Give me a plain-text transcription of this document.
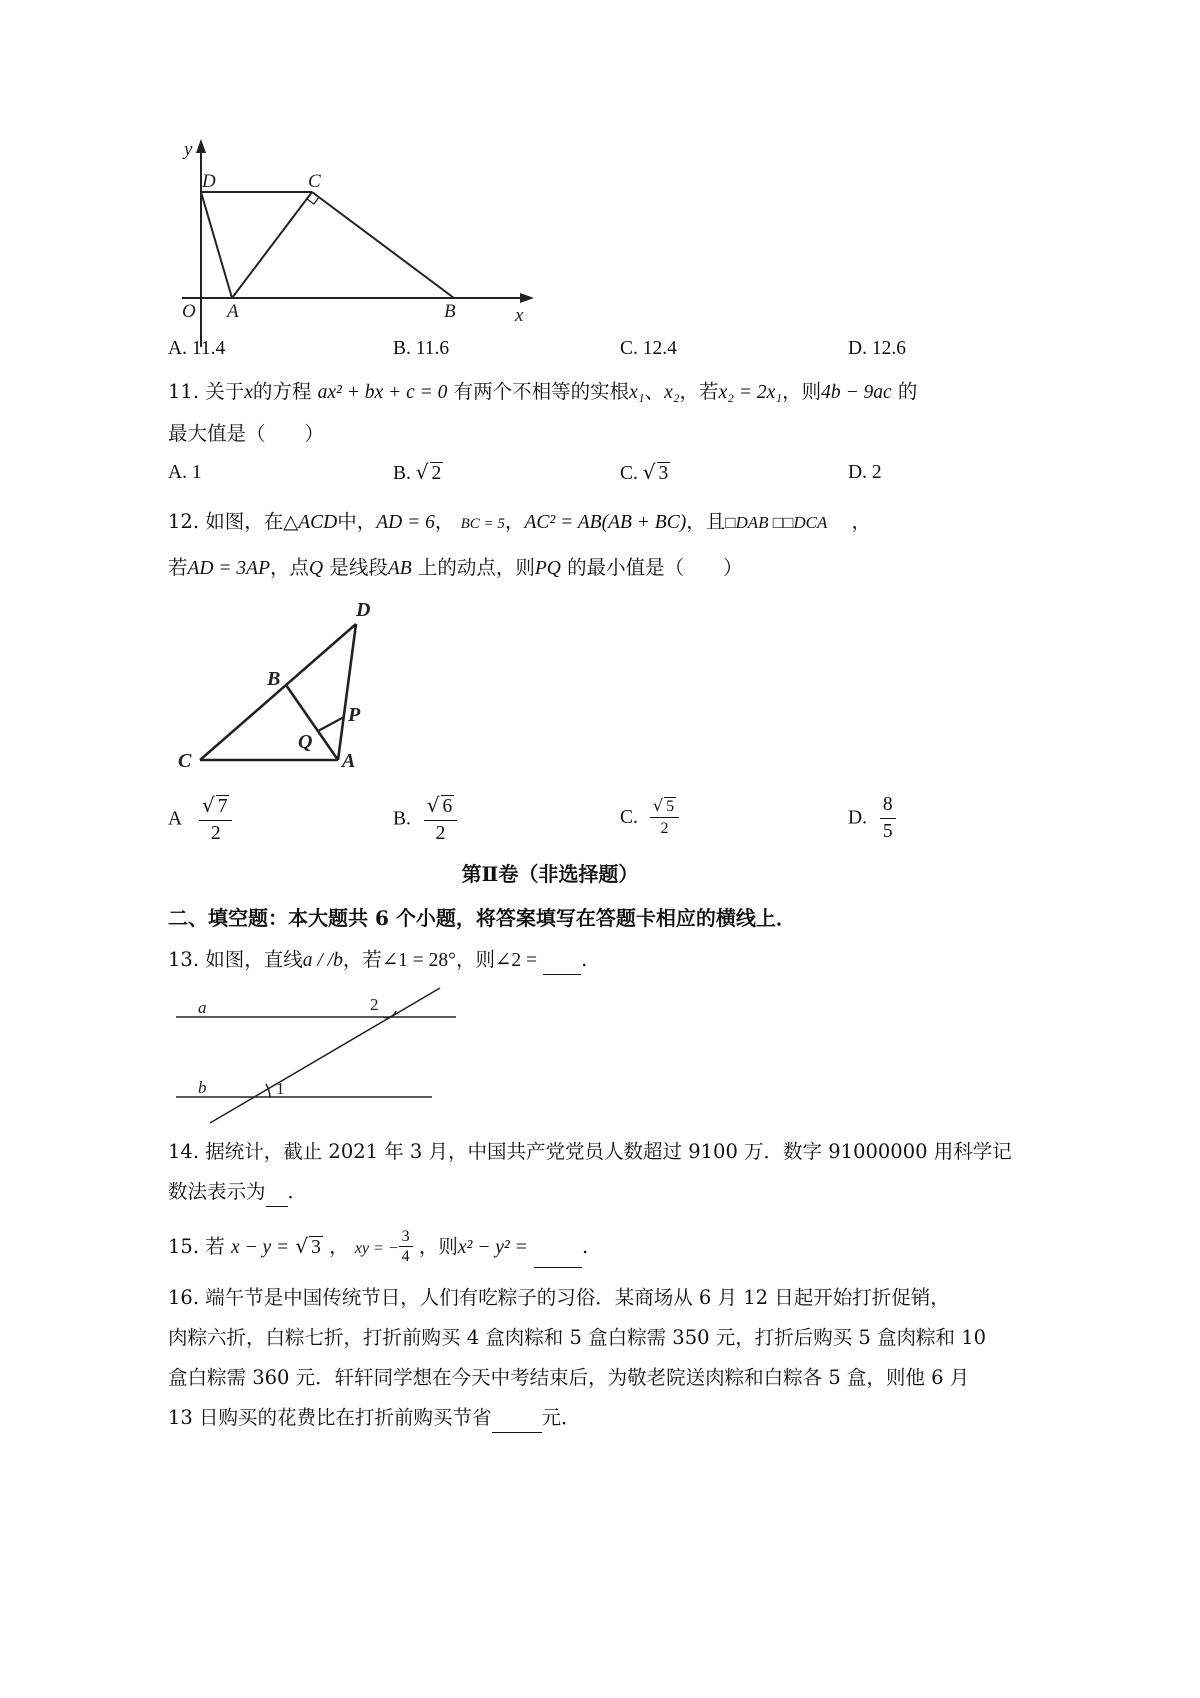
y
x
O A	B
C
D
A. 11.4	B. 11.6	C. 12.4	D. 12.6
11. 关于x的方程 ax² + bx + c = 0 有两个不相等的实根x₁、x₂，若x₂ = 2x₁，则4b − 9ac 的
最大值是（　　）
A. 1	B. √ 2	C. √ 3	D. 2
12. 如图，在△ACD中，AD = 6， BC = 5，AC² = AB(AB + BC)，且□DAB □□DCA ，
若AD = 3AP，点Q 是线段AB 上的动点，则PQ 的最小值是（　　）
D
B
P
Q
C	A
A $\frac{√ 7}{2}$	B. $\frac{√ 6}{2}$	C. $\frac{√ 5}{2}$	D. $\frac{8}{5}$
第Ⅱ卷（非选择题）
二、填空题：本大题共 6 个小题，将答案填写在答题卡相应的横线上．
13. 如图，直线a / /b，若∠1 = 28°，则∠2 = .
a
b	1
2
14. 据统计，截止 2021 年 3 月，中国共产党党员人数超过 9100 万．数字 91000000 用科学记
数法表示为 ．
15. 若 x − y = √ 3 ， xy = − $\frac{3}{4}$ ，则x² − y² =	.
16. 端午节是中国传统节日，人们有吃粽子的习俗．某商场从 6 月 12 日起开始打折促销，
肉粽六折，白粽七折，打折前购买 4 盒肉粽和 5 盒白粽需 350 元，打折后购买 5 盒肉粽和 10
盒白粽需 360 元．轩轩同学想在今天中考结束后，为敬老院送肉粽和白粽各 5 盒，则他 6 月
13 日购买的花费比在打折前购买节省	元．
